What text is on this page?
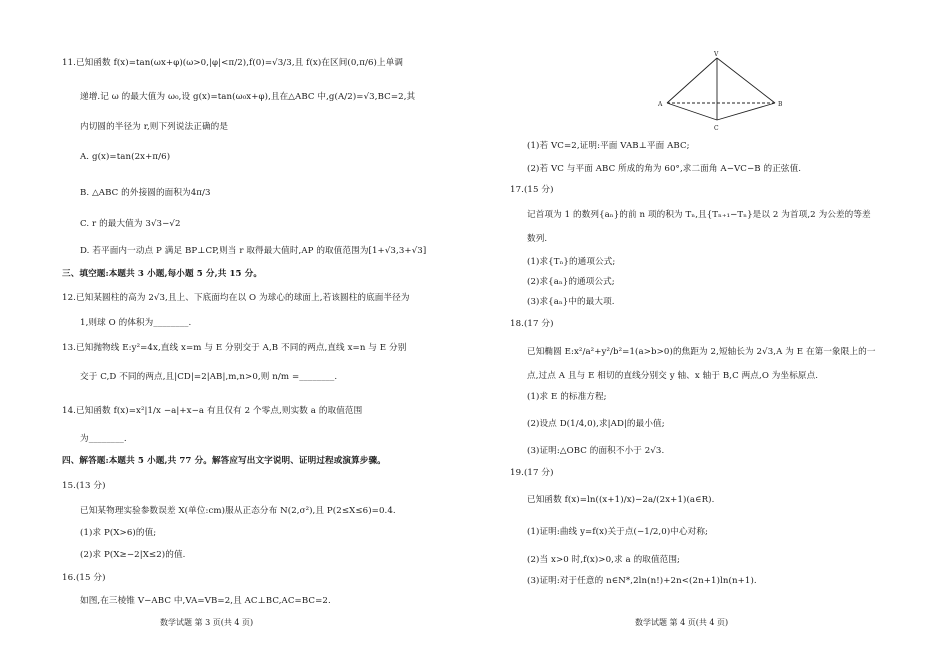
11.已知函数 f(x)=tan(ωx+φ)(ω>0,|φ|<π/2),f(0)=√3/3,且 f(x)在区间(0,π/6)上单调
递增.记 ω 的最大值为 ω₀,设 g(x)=tan(ω₀x+φ),且在△ABC 中,g(A/2)=√3,BC=2,其
内切圆的半径为 r,则下列说法正确的是
A. g(x)=tan(2x+π/6)
B. △ABC 的外接圆的面积为4π/3
C. r 的最大值为 3√3−√2
D. 若平面内一动点 P 满足 BP⊥CP,则当 r 取得最大值时,AP 的取值范围为[1+√3,3+√3]
三、填空题:本题共 3 小题,每小题 5 分,共 15 分。
12.已知某圆柱的高为 2√3,且上、下底面均在以 O 为球心的球面上,若该圆柱的底面半径为
1,则球 O 的体积为________.
13.已知抛物线 E:y²=4x,直线 x=m 与 E 分别交于 A,B 不同的两点,直线 x=n 与 E 分别
交于 C,D 不同的两点,且|CD|=2|AB|,m,n>0,则 n/m =________.
14.已知函数 f(x)=x²|1/x −a|+x−a 有且仅有 2 个零点,则实数 a 的取值范围
为________.
四、解答题:本题共 5 小题,共 77 分。解答应写出文字说明、证明过程或演算步骤。
15.(13 分)
已知某物理实验参数误差 X(单位:cm)服从正态分布 N(2,σ²),且 P(2≤X≤6)=0.4.
(1)求 P(X>6)的值;
(2)求 P(X≥−2|X≤2)的值.
16.(15 分)
如图,在三棱锥 V−ABC 中,VA=VB=2,且 AC⊥BC,AC=BC=2.
数学试题 第 3 页(共 4 页)
V
A	B
C
(1)若 VC=2,证明:平面 VAB⊥平面 ABC;
(2)若 VC 与平面 ABC 所成的角为 60°,求二面角 A−VC−B 的正弦值.
17.(15 分)
记首项为 1 的数列{aₙ}的前 n 项的积为 Tₙ,且{Tₙ₊₁−Tₙ}是以 2 为首项,2 为公差的等差
数列.
(1)求{Tₙ}的通项公式;
(2)求{aₙ}的通项公式;
(3)求{aₙ}中的最大项.
18.(17 分)
已知椭圆 E:x²/a²+y²/b²=1(a>b>0)的焦距为 2,短轴长为 2√3,A 为 E 在第一象限上的一
点,过点 A 且与 E 相切的直线分别交 y 轴、x 轴于 B,C 两点,O 为坐标原点.
(1)求 E 的标准方程;
(2)设点 D(1/4,0),求|AD|的最小值;
(3)证明:△OBC 的面积不小于 2√3.
19.(17 分)
已知函数 f(x)=ln((x+1)/x)−2a/(2x+1)(a∈R).
(1)证明:曲线 y=f(x)关于点(−1/2,0)中心对称;
(2)当 x>0 时,f(x)>0,求 a 的取值范围;
(3)证明:对于任意的 n∈N*,2ln(n!)+2n<(2n+1)ln(n+1).
数学试题 第 4 页(共 4 页)
